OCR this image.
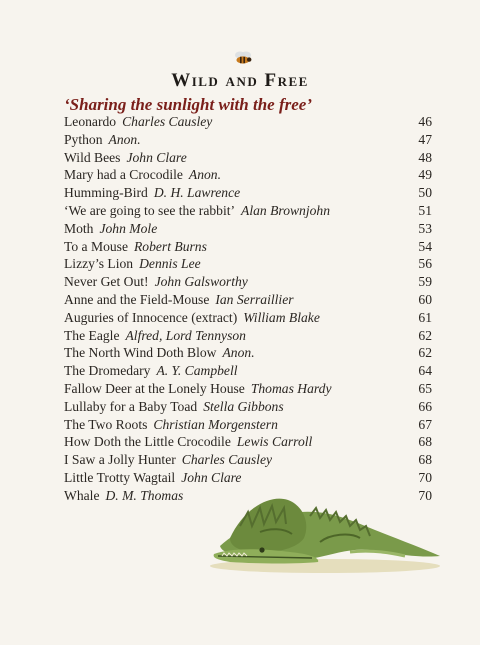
Wild and Free
‘Sharing the sunlight with the free’
Leonardo Charles Causley	46
Python Anon.	47
Wild Bees John Clare	48
Mary had a Crocodile Anon.	49
Humming-Bird D. H. Lawrence	50
‘We are going to see the rabbit’ Alan Brownjohn	51
Moth John Mole	53
To a Mouse Robert Burns	54
Lizzy’s Lion Dennis Lee	56
Never Get Out! John Galsworthy	59
Anne and the Field-Mouse Ian Serraillier	60
Auguries of Innocence (extract) William Blake	61
The Eagle Alfred, Lord Tennyson	62
The North Wind Doth Blow Anon.	62
The Dromedary A. Y. Campbell	64
Fallow Deer at the Lonely House Thomas Hardy	65
Lullaby for a Baby Toad Stella Gibbons	66
The Two Roots Christian Morgenstern	67
How Doth the Little Crocodile Lewis Carroll	68
I Saw a Jolly Hunter Charles Causley	68
Little Trotty Wagtail John Clare	70
Whale D. M. Thomas	70
